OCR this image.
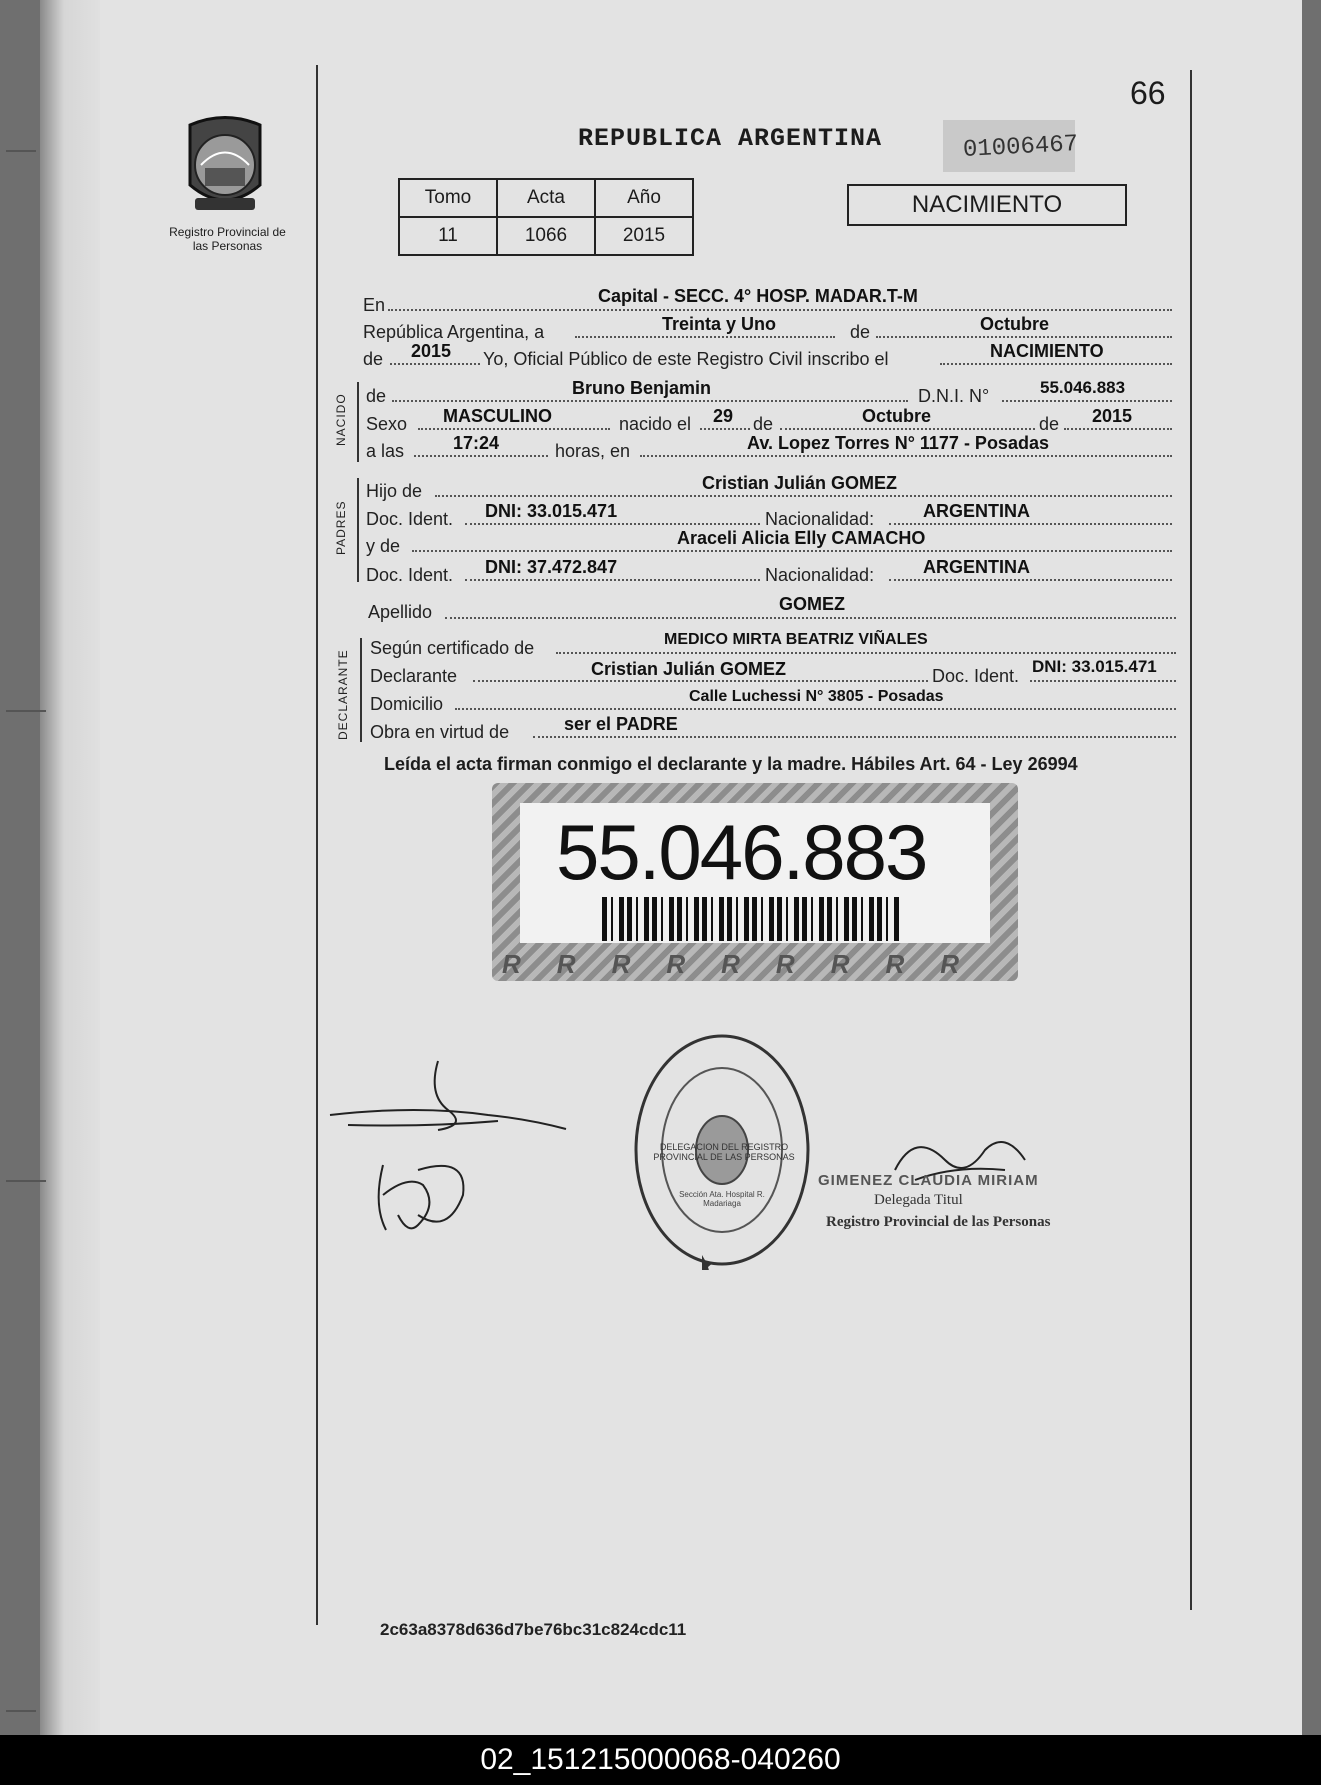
66
Registro Provincial de las Personas
REPUBLICA ARGENTINA	01006467
Tomo	Acta	Año
11	1066	2015
NACIMIENTO
En	Capital - SECC. 4° HOSP. MADAR.T-M
República Argentina, a	Treinta y Uno	de	Octubre
de 2015 Yo, Oficial Público de este Registro Civil inscribo el	NACIMIENTO
NACIDO de	Bruno Benjamin	D.N.I. N°	55.046.883
Sexo MASCULINO	nacido el 29 de	Octubre	de 2015
a las	17:24	horas, en	Av. Lopez Torres N° 1177 - Posadas
PADRES
Hijo de	Cristian Julián GOMEZ
Doc. Ident. DNI: 33.015.471	Nacionalidad:	ARGENTINA
y de	Araceli Alicia Elly CAMACHO
Doc. Ident. DNI: 37.472.847	Nacionalidad:	ARGENTINA
Apellido	GOMEZ
DECLARANTE
Según certificado de	MEDICO MIRTA BEATRIZ VIÑALES
Declarante	Cristian Julián GOMEZ	Doc. Ident. DNI: 33.015.471
Domicilio	Calle Luchessi N° 3805 - Posadas
Obra en virtud de	ser el PADRE
Leída el acta firman conmigo el declarante y la madre. Hábiles Art. 64 - Ley 26994
RRRRRRRRR
55.046.883
DELEGACION DEL REGISTRO PROVINCIAL DE LAS PERSONAS
Sección Ata. Hospital R. Madariaga
GIMENEZ CLAUDIA MIRIAM
Delegada Titul
Registro Provincial de las Personas
2c63a8378d636d7be76bc31c824cdc11
02_151215000068-040260
